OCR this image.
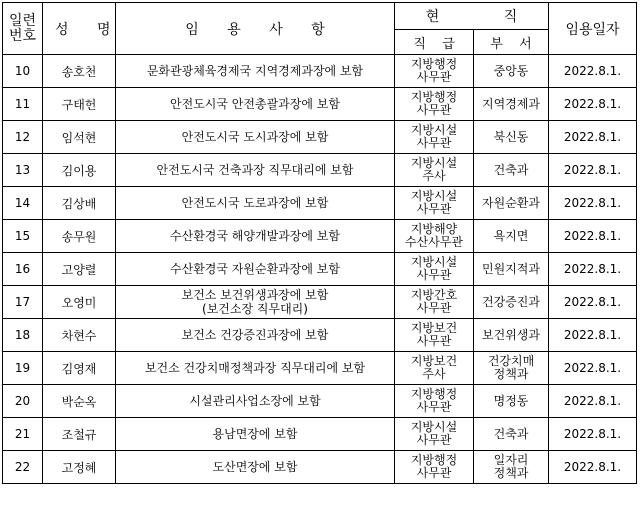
일련
번호	성 명	임 용 사 항	현 직		임용일자
			직 급	부 서	
10	송호천	문화관광체육경제국 지역경제과장에 보함	지방행정
사무관	중앙동	2022.8.1.
11	구태헌	안전도시국 안전총괄과장에 보함	지방행정
사무관	지역경제과	2022.8.1.
12	임석현	안전도시국 도시과장에 보함	지방시설
사무관	북신동	2022.8.1.
13	김이용	안전도시국 건축과장 직무대리에 보함	지방시설
주사	건축과	2022.8.1.
14	김상배	안전도시국 도로과장에 보함	지방시설
사무관	자원순환과	2022.8.1.
15	송무원	수산환경국 해양개발과장에 보함	지방해양
수산사무관	욕지면	2022.8.1.
16	고양렬	수산환경국 자원순환과장에 보함	지방시설
사무관	민원지적과	2022.8.1.
17	오영미	보건소 보건위생과장에 보함
(보건소장 직무대리)	지방간호
사무관	건강증진과	2022.8.1.
18	차현수	보건소 건강증진과장에 보함	지방보건
사무관	보건위생과	2022.8.1.
19	김영재	보건소 건강치매정책과장 직무대리에 보함	지방보건
주사	건강치매
정책과	2022.8.1.
20	박순옥	시설관리사업소장에 보함	지방행정
사무관	명정동	2022.8.1.
21	조철규	용남면장에 보함	지방시설
사무관	건축과	2022.8.1.
22	고정혜	도산면장에 보함	지방행정
사무관	일자리
정책과	2022.8.1.
